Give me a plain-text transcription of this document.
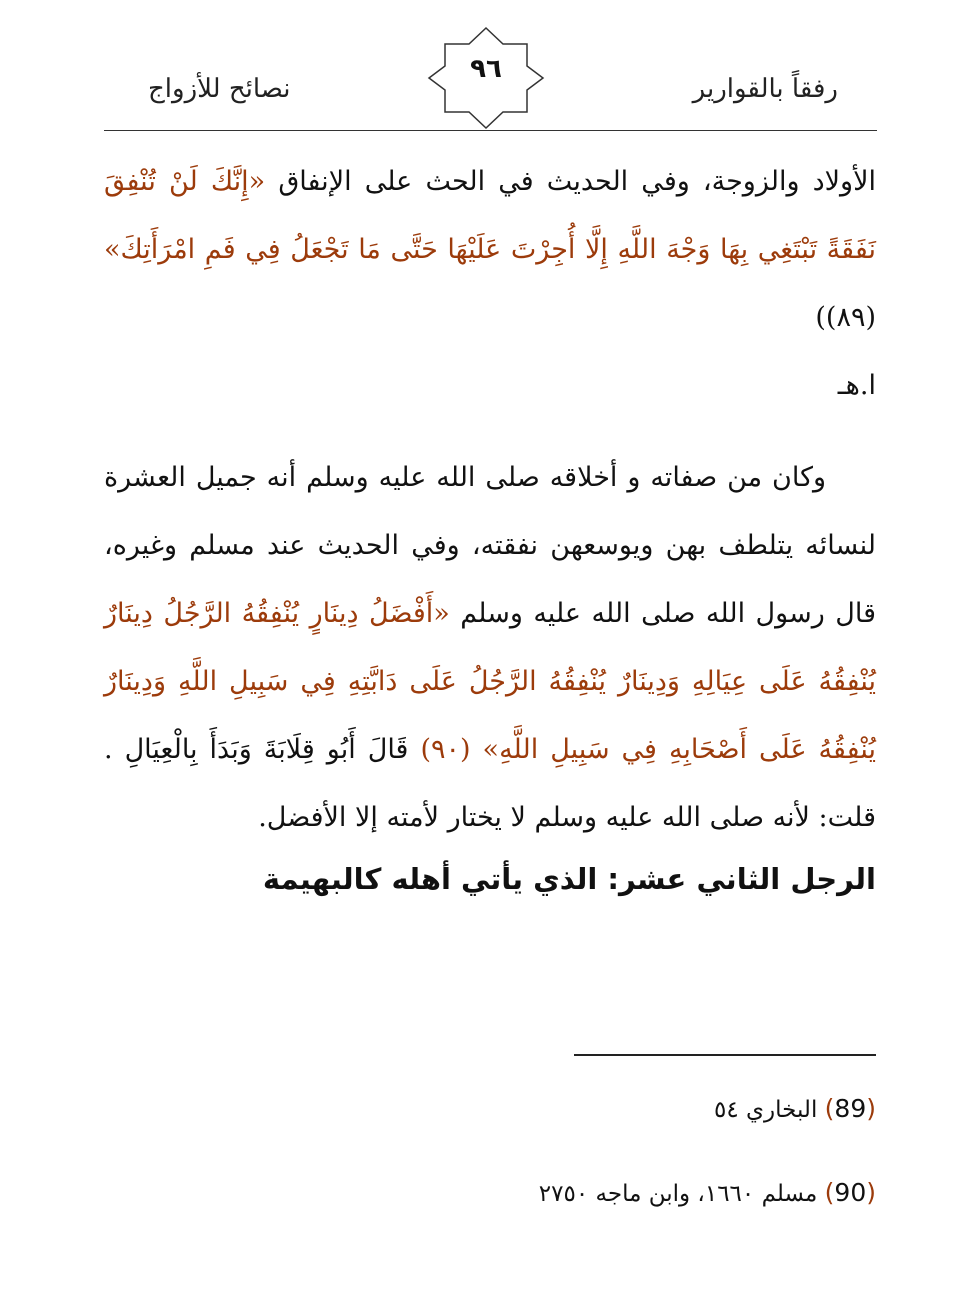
رفقاً بالقوارير
٩٦
نصائح للأزواج

الأولاد والزوجة، وفي الحديث في الحث على الإنفاق «إِنَّكَ لَنْ تُنْفِقَ نَفَقَةً تَبْتَغِي بِهَا وَجْهَ اللَّهِ إِلَّا أُجِرْتَ عَلَيْهَا حَتَّى مَا تَجْعَلُ فِي فَمِ امْرَأَتِكَ» (٨٩))

ا.هـ

وكان من صفاته و أخلاقه صلى الله عليه وسلم أنه جميل العشرة لنسائه يتلطف بهن ويوسعهن نفقته، وفي الحديث عند مسلم وغيره، قال رسول الله صلى الله عليه وسلم «أَفْضَلُ دِينَارٍ يُنْفِقُهُ الرَّجُلُ دِينَارٌ يُنْفِقُهُ عَلَى عِيَالِهِ وَدِينَارٌ يُنْفِقُهُ الرَّجُلُ عَلَى دَابَّتِهِ فِي سَبِيلِ اللَّهِ وَدِينَارٌ يُنْفِقُهُ عَلَى أَصْحَابِهِ فِي سَبِيلِ اللَّهِ» (٩٠) قَالَ أَبُو قِلَابَةَ وَبَدَأَ بِالْعِيَالِ . قلت: لأنه صلى الله عليه وسلم لا يختار لأمته إلا الأفضل.

الرجل الثاني عشر: الذي يأتي أهله كالبهيمة
(89) البخاري ٥٤
(90) مسلم ١٦٦٠، وابن ماجه ٢٧٥٠
